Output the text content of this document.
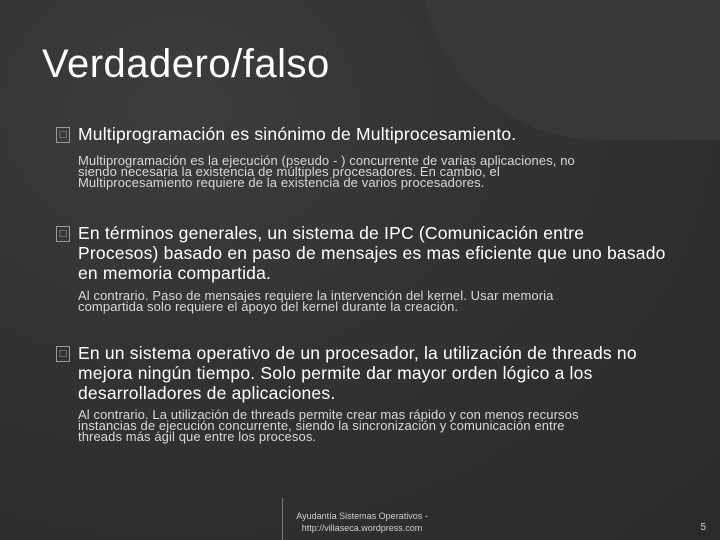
Verdadero/falso
□ Multiprogramación es sinónimo de Multiprocesamiento.
Multiprogramación es la ejecución (pseudo - ) concurrente de varias aplicaciones, no siendo necesaria la existencia de múltiples procesadores. En cambio, el Multiprocesamiento requiere de la existencia de varios procesadores.
□ En términos generales, un sistema de IPC (Comunicación entre Procesos) basado en paso de mensajes es mas eficiente que uno basado en memoria compartida.
Al contrario. Paso de mensajes requiere la intervención del kernel. Usar memoria compartida solo requiere el apoyo del kernel durante la creación.
□ En un sistema operativo de un procesador, la utilización de threads no mejora ningún tiempo. Solo permite dar mayor orden lógico a los desarrolladores de aplicaciones.
Al contrario. La utilización de threads permite crear mas rápido y con menos recursos instancias de ejecución concurrente, siendo la sincronización y comunicación entre threads más ágil que entre los procesos.
Ayudantía Sistemas Operativos -
http://villaseca.wordpress.com	5
